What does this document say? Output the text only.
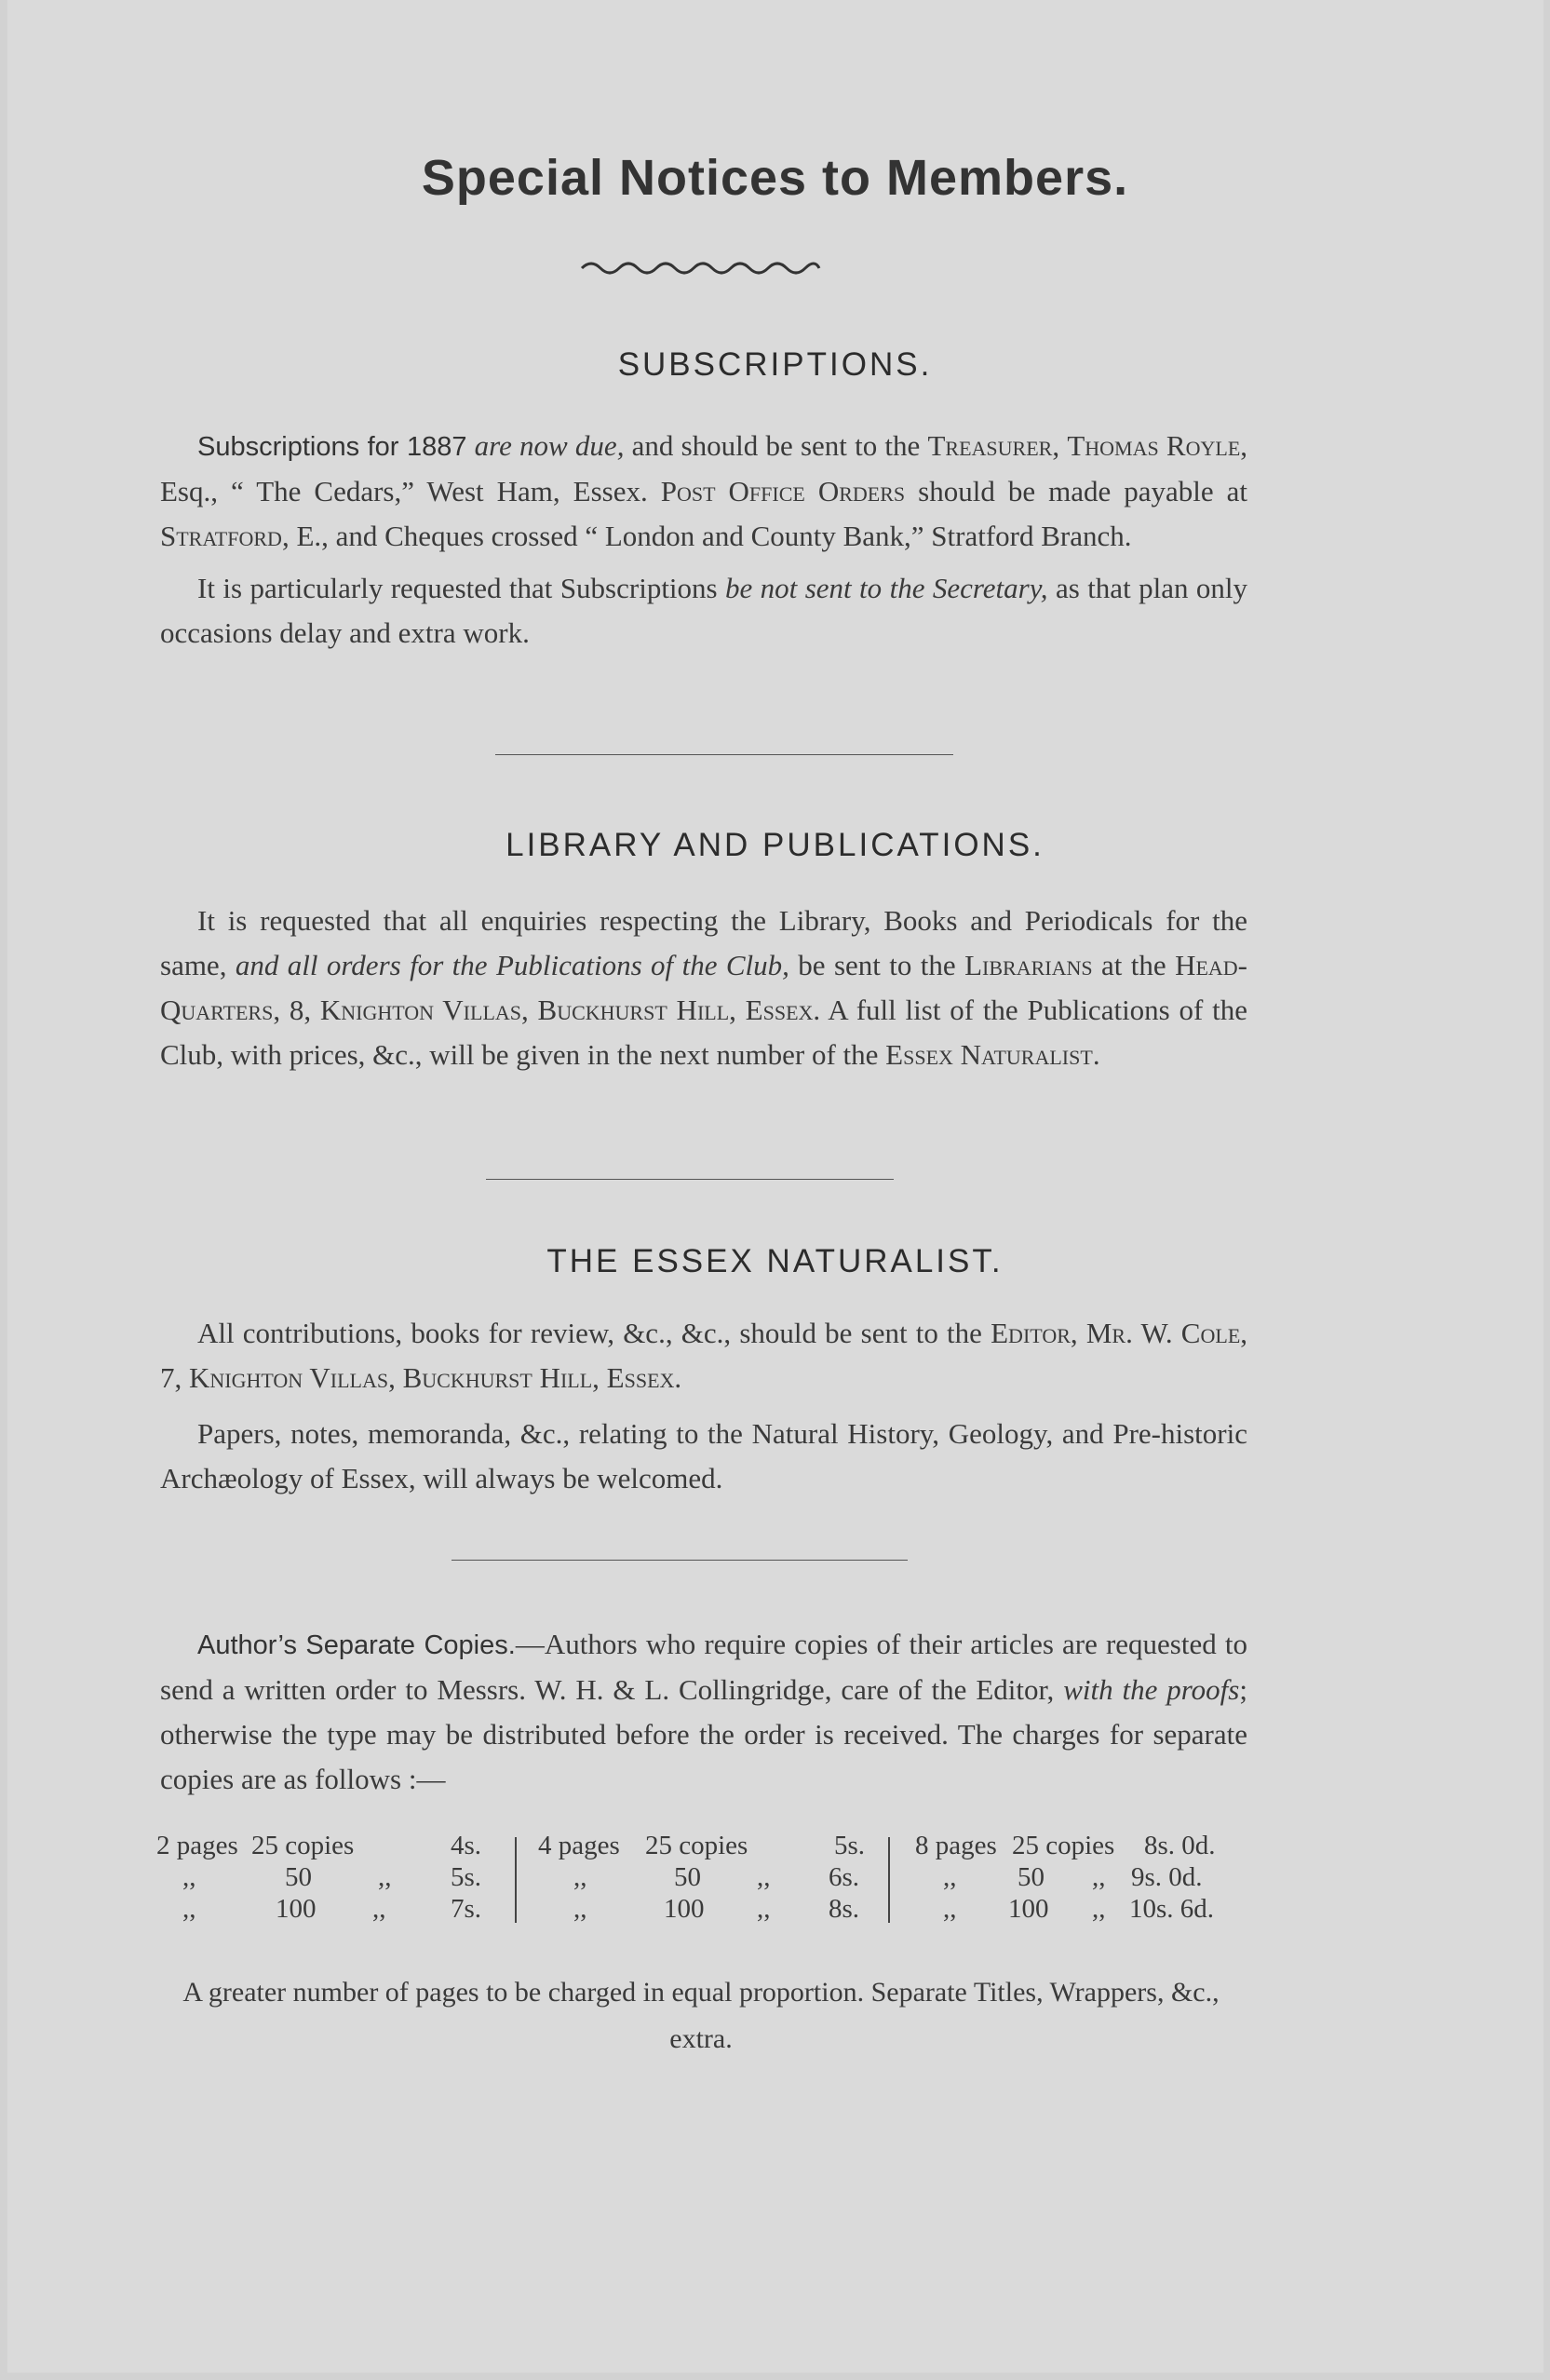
Special Notices to Members.
SUBSCRIPTIONS.

Subscriptions for 1887 are now due, and should be sent to the Treasurer, Thomas Royle, Esq., “ The Cedars,” West Ham, Essex. Post Office Orders should be made payable at Stratford, E., and Cheques crossed “ London and County Bank,” Stratford Branch.

It is particularly requested that Subscriptions be not sent to the Secretary, as that plan only occasions delay and extra work.

LIBRARY AND PUBLICATIONS.

It is requested that all enquiries respecting the Library, Books and Periodicals for the same, and all orders for the Publications of the Club, be sent to the Librarians at the Head-Quarters, 8, Knighton Villas, Buckhurst Hill, Essex. A full list of the Publications of the Club, with prices, &c., will be given in the next number of the Essex Naturalist.

THE ESSEX NATURALIST.

All contributions, books for review, &c., &c., should be sent to the Editor, Mr. W. Cole, 7, Knighton Villas, Buckhurst Hill, Essex.

Papers, notes, memoranda, &c., relating to the Natural History, Geology, and Pre-historic Archæology of Essex, will always be welcomed.

Author’s Separate Copies.—Authors who require copies of their articles are requested to send a written order to Messrs. W. H. & L. Collingridge, care of the Editor, with the proofs; otherwise the type may be distributed before the order is received. The charges for separate copies are as follows :—

2 pages 25 copies	4s.
,,	50 ,, 5s.
,,	100 ,, 7s.
4 pages 25 copies	5s.
,,	50 ,, 6s.
,,	100 ,, 8s.
8 pages 25 copies 8s. 0d.
,, 50 ,, 9s. 0d.
,, 100 ,, 10s. 6d.
A greater number of pages to be charged in equal proportion. Separate Titles, Wrappers, &c., extra.
